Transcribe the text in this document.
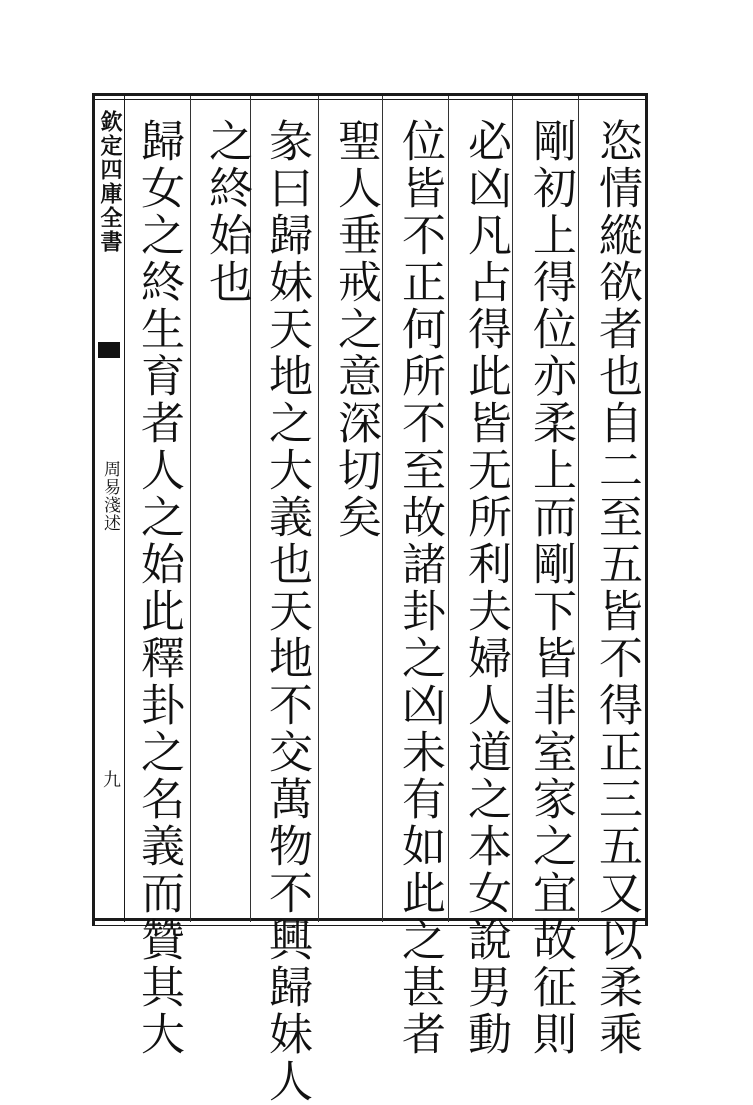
欽定四庫全書
周易淺述
九	恣情縱欲者也自二至五皆不得正三五又以柔乘
剛初上得位亦柔上而剛下皆非室家之宜故征則
必凶凡占得此皆无所利夫婦人道之本女說男動
位皆不正何所不至故諸卦之凶未有如此之甚者
聖人垂戒之意深切矣
彖曰歸妹天地之大義也天地不交萬物不興歸妹人
之終始也
歸女之終生育者人之始此釋卦之名義而贊其大
